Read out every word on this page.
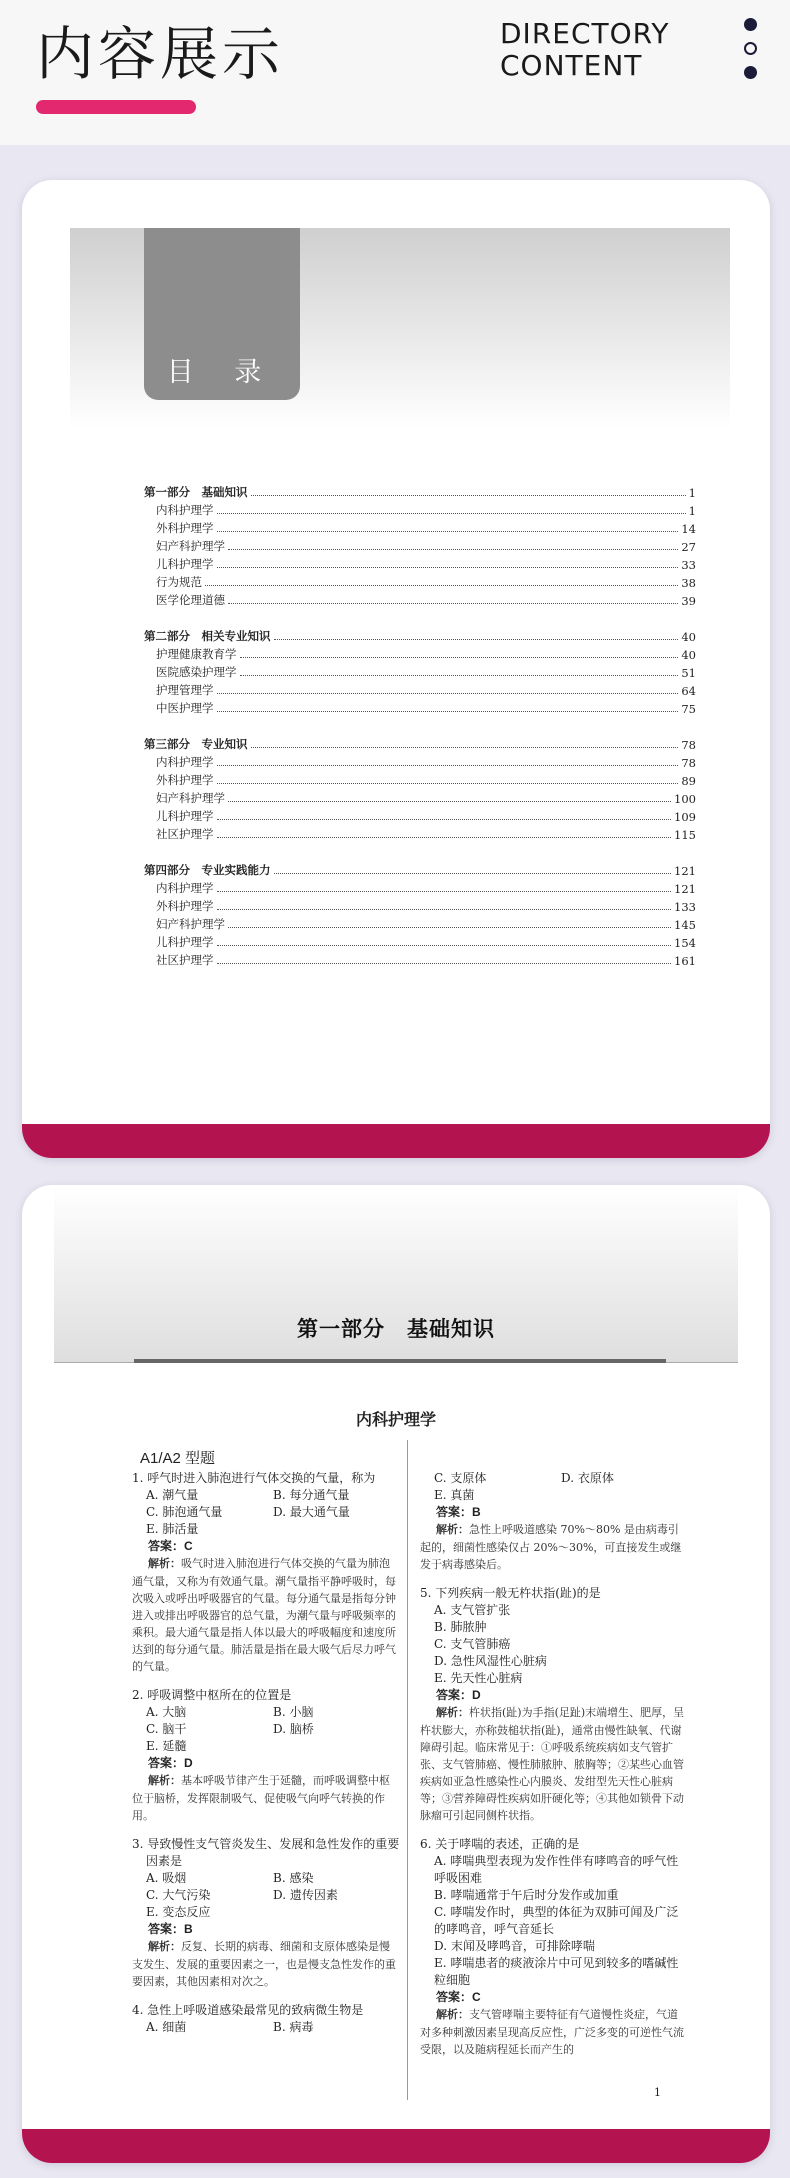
内容展示	DIRECTORY
CONTENT
目 录
第一部分　基础知识	1
内科护理学	1
外科护理学	14
妇产科护理学	27
儿科护理学	33
行为规范	38
医学伦理道德	39
第二部分　相关专业知识	40
护理健康教育学	40
医院感染护理学	51
护理管理学	64
中医护理学	75
第三部分　专业知识	78
内科护理学	78
外科护理学	89
妇产科护理学	100
儿科护理学	109
社区护理学	115
第四部分　专业实践能力	121
内科护理学	121
外科护理学	133
妇产科护理学	145
儿科护理学	154
社区护理学	161
第一部分　基础知识
内科护理学
A1/A2 型题
1. 呼气时进入肺泡进行气体交换的气量，称为
A. 潮气量	B. 每分通气量
C. 肺泡通气量	D. 最大通气量
E. 肺活量
答案：C
解析：吸气时进入肺泡进行气体交换的气量为肺泡通气量，又称为有效通气量。潮气量指平静呼吸时，每次吸入或呼出呼吸器官的气量。每分通气量是指每分钟进入或排出呼吸器官的总气量，为潮气量与呼吸频率的乘积。最大通气量是指人体以最大的呼吸幅度和速度所达到的每分通气量。肺活量是指在最大吸气后尽力呼气的气量。
2. 呼吸调整中枢所在的位置是
A. 大脑	B. 小脑
C. 脑干	D. 脑桥
E. 延髓
答案：D
解析：基本呼吸节律产生于延髓，而呼吸调整中枢位于脑桥，发挥限制吸气、促使吸气向呼气转换的作用。
3. 导致慢性支气管炎发生、发展和急性发作的重要因素是
A. 吸烟	B. 感染
C. 大气污染	D. 遗传因素
E. 变态反应
答案：B
解析：反复、长期的病毒、细菌和支原体感染是慢支发生、发展的重要因素之一，也是慢支急性发作的重要因素，其他因素相对次之。
4. 急性上呼吸道感染最常见的致病微生物是
A. 细菌	B. 病毒
C. 支原体	D. 衣原体
E. 真菌
答案：B
解析：急性上呼吸道感染 70%～80% 是由病毒引起的，细菌性感染仅占 20%～30%，可直接发生或继发于病毒感染后。
5. 下列疾病一般无杵状指(趾)的是
A. 支气管扩张
B. 肺脓肿
C. 支气管肺癌
D. 急性风湿性心脏病
E. 先天性心脏病
答案：D
解析：杵状指(趾)为手指(足趾)末端增生、肥厚，呈杵状膨大，亦称鼓槌状指(趾)，通常由慢性缺氧、代谢障碍引起。临床常见于：①呼吸系统疾病如支气管扩张、支气管肺癌、慢性肺脓肿、脓胸等；②某些心血管疾病如亚急性感染性心内膜炎、发绀型先天性心脏病等；③营养障碍性疾病如肝硬化等；④其他如锁骨下动脉瘤可引起同侧杵状指。
6. 关于哮喘的表述，正确的是
A. 哮喘典型表现为发作性伴有哮鸣音的呼气性呼吸困难
B. 哮喘通常于午后时分发作或加重
C. 哮喘发作时，典型的体征为双肺可闻及广泛的哮鸣音，呼气音延长
D. 末闻及哮鸣音，可排除哮喘
E. 哮喘患者的痰液涂片中可见到较多的嗜碱性粒细胞
答案：C
解析：支气管哮喘主要特征有气道慢性炎症，气道对多种刺激因素呈现高反应性，广泛多变的可逆性气流受限，以及随病程延长而产生的
1
